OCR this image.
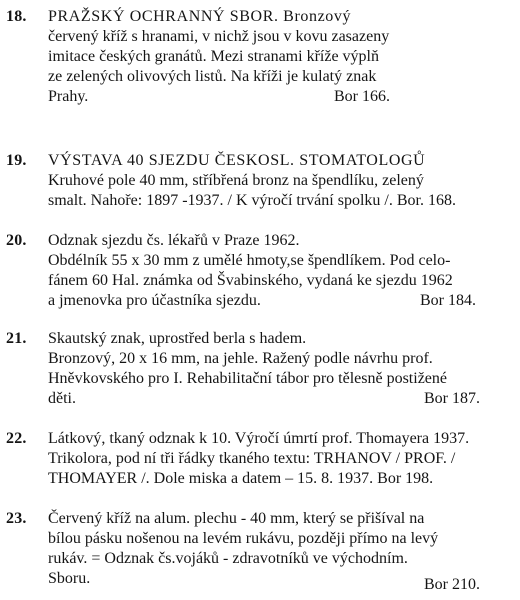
18. PRAŽSKÝ OCHRANNÝ SBOR. Bronzový
červený kříž s hranami, v nichž jsou v kovu zasazeny
imitace českých granátů. Mezi stranami kříže výplň
ze zelených olivových listů. Na kříži je kulatý znak
Prahy.	Bor 166.
19. VÝSTAVA 40 SJEZDU ČESKOSL. STOMATOLOGŮ
Kruhové pole 40 mm, stříbřená bronz na špendlíku, zelený
smalt. Nahoře: 1897 -1937. / K výročí trvání spolku /. Bor. 168.
20. Odznak sjezdu čs. lékařů v Praze 1962.
Obdélník 55 x 30 mm z umělé hmoty,se špendlíkem. Pod celo-
fánem 60 Hal. známka od Švabinského, vydaná ke sjezdu 1962
a jmenovka pro účastníka sjezdu.	Bor 184.
21. Skautský znak, uprostřed berla s hadem.
Bronzový, 20 x 16 mm, na jehle. Ražený podle návrhu prof.
Hněvkovského pro I. Rehabilitační tábor pro tělesně postižené
děti.	Bor 187.
22. Látkový, tkaný odznak k 10. Výročí úmrtí prof. Thomayera 1937.
Trikolora, pod ní tři řádky tkaného textu: TRHANOV / PROF. /
THOMAYER /. Dole miska a datem – 15. 8. 1937. Bor 198.
23. Červený kříž na alum. plechu - 40 mm, který se přišíval na
bílou pásku nošenou na levém rukávu, později přímo na levý
rukáv. = Odznak čs.vojáků - zdravotníků ve východním.
Sboru.	Bor 210.
